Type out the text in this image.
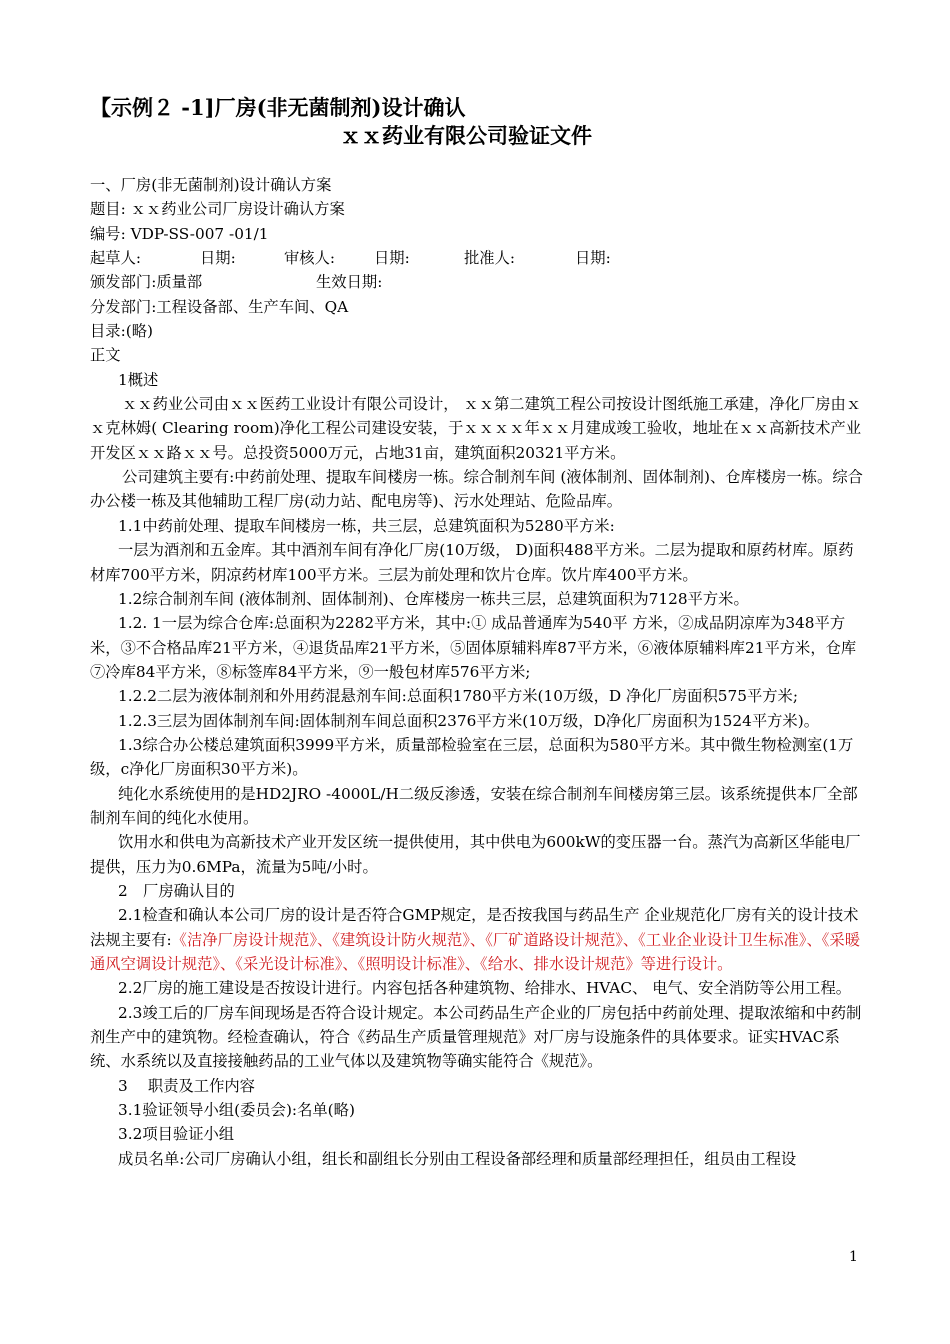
【示例２ -1]厂房(非无菌制剂)设计确认
ｘｘ药业有限公司验证文件

一、厂房(非无菌制剂)设计确认方案

题目: ｘｘ药业公司厂房设计确认方案

编号: VDP-SS-007 -01/1

起草人:	日期:	审核人:	日期:	批准人:	日期:

颁发部门:质量部	生效日期:

分发部门:工程设备部、生产车间、QA

目录:(略)

正文

1概述

ｘｘ药业公司由ｘｘ医药工业设计有限公司设计， ｘｘ第二建筑工程公司按设计图纸施工承建，净化厂房由ｘｘ克林姆( Clearing room)净化工程公司建设安装，于ｘｘｘｘ年ｘｘ月建成竣工验收，地址在ｘｘ高新技术产业开发区ｘｘ路ｘｘ号。总投资5000万元，占地31亩，建筑面积20321平方米。

公司建筑主要有:中药前处理、提取车间楼房一栋。综合制剂车间 (液体制剂、固体制剂)、仓库楼房一栋。综合办公楼一栋及其他辅助工程厂房(动力站、配电房等)、污水处理站、危险品库。

1.1中药前处理、提取车间楼房一栋，共三层，总建筑面积为5280平方米:

一层为酒剂和五金库。其中酒剂车间有净化厂房(10万级， D)面积488平方米。二层为提取和原药材库。原药材库700平方米，阴凉药材库100平方米。三层为前处理和饮片仓库。饮片库400平方米。

1.2综合制剂车间 (液体制剂、固体制剂)、仓库楼房一栋共三层，总建筑面积为7128平方米。

1.2. 1一层为综合仓库:总面积为2282平方米，其中:① 成品普通库为540平 方米，②成品阴凉库为348平方米，③不合格品库21平方米，④退货品库21平方米，⑤固体原辅料库87平方米，⑥液体原辅料库21平方米，仓库⑦冷库84平方米，⑧标签库84平方米，⑨一般包材库576平方米;

1.2.2二层为液体制剂和外用药混悬剂车间:总面积1780平方米(10万级，D 净化厂房面积575平方米;

1.2.3三层为固体制剂车间:固体制剂车间总面积2376平方米(10万级，D净化厂房面积为1524平方米)。

1.3综合办公楼总建筑面积3999平方米，质量部检验室在三层，总面积为580平方米。其中微生物检测室(1万级，c净化厂房面积30平方米)。

纯化水系统使用的是HD2JRO -4000L/H二级反渗透，安装在综合制剂车间楼房第三层。该系统提供本厂全部制剂车间的纯化水使用。

饮用水和供电为高新技术产业开发区统一提供使用，其中供电为600kW的变压器一台。蒸汽为高新区华能电厂提供，压力为0.6MPa，流量为5吨/小时。

2　厂房确认目的

2.1检查和确认本公司厂房的设计是否符合GMP规定，是否按我国与药品生产 企业规范化厂房有关的设计技术法规主要有:《洁净厂房设计规范》、《建筑设计防火规范》、《厂矿道路设计规范》、《工业企业设计卫生标准》、《采暖通风空调设计规范》、《采光设计标准》、《照明设计标准》、《给水、排水设计规范》等进行设计。

2.2厂房的施工建设是否按设计进行。内容包括各种建筑物、给排水、HVAC、 电气、安全消防等公用工程。

2.3竣工后的厂房车间现场是否符合设计规定。本公司药品生产企业的厂房包括中药前处理、提取浓缩和中药制剂生产中的建筑物。经检查确认，符合《药品生产质量管理规范》对厂房与设施条件的具体要求。证实HVAC系统、水系统以及直接接触药品的工业气体以及建筑物等确实能符合《规范》。

3　 职责及工作内容

3.1验证领导小组(委员会):名单(略)

3.2项目验证小组

成员名单:公司厂房确认小组，组长和副组长分别由工程设备部经理和质量部经理担任，组员由工程设

1
